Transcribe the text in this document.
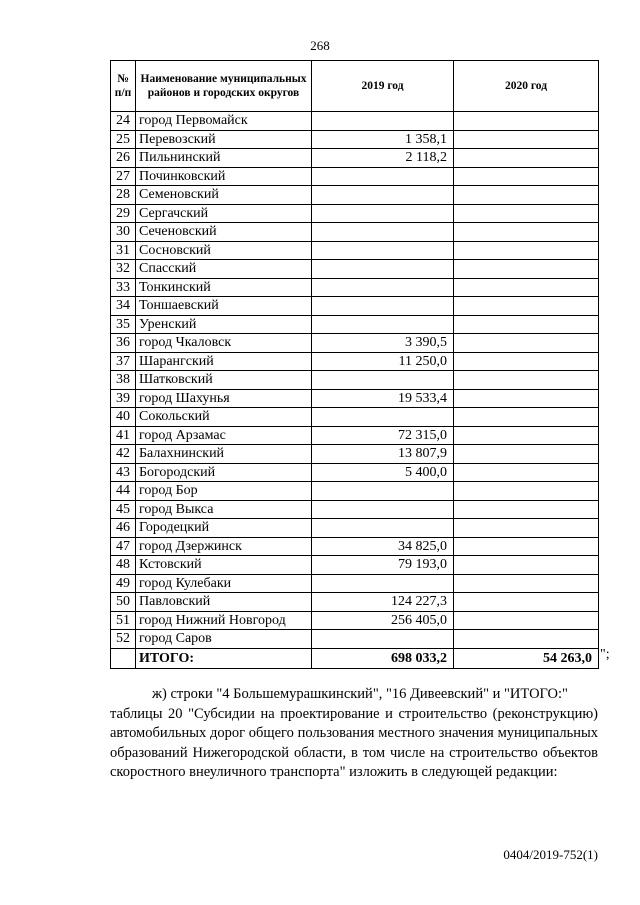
268
№ п/п	Наименование муниципальных районов и городских округов	2019 год	2020 год
24	город Первомайск		
25	Перевозский	1 358,1	
26	Пильнинский	2 118,2	
27	Починковский		
28	Семеновский		
29	Сергачский		
30	Сеченовский		
31	Сосновский		
32	Спасский		
33	Тонкинский		
34	Тоншаевский		
35	Уренский		
36	город Чкаловск	3 390,5	
37	Шарангский	11 250,0	
38	Шатковский		
39	город Шахунья	19 533,4	
40	Сокольский		
41	город Арзамас	72 315,0	
42	Балахнинский	13 807,9	
43	Богородский	5 400,0	
44	город Бор		
45	город Выкса		
46	Городецкий		
47	город Дзержинск	34 825,0	
48	Кстовский	79 193,0	
49	город Кулебаки		
50	Павловский	124 227,3	
51	город Нижний Новгород	256 405,0	
52	город Саров		
	ИТОГО:	698 033,2	54 263,0 ";
ж) строки "4 Большемурашкинский", "16 Дивеевский" и "ИТОГО:"
таблицы 20 "Субсидии на проектирование и строительство (реконструкцию) автомобильных дорог общего пользования местного значения муниципальных образований Нижегородской области, в том числе на строительство объектов скоростного внеуличного транспорта" изложить в следующей редакции:
0404/2019-752(1)
